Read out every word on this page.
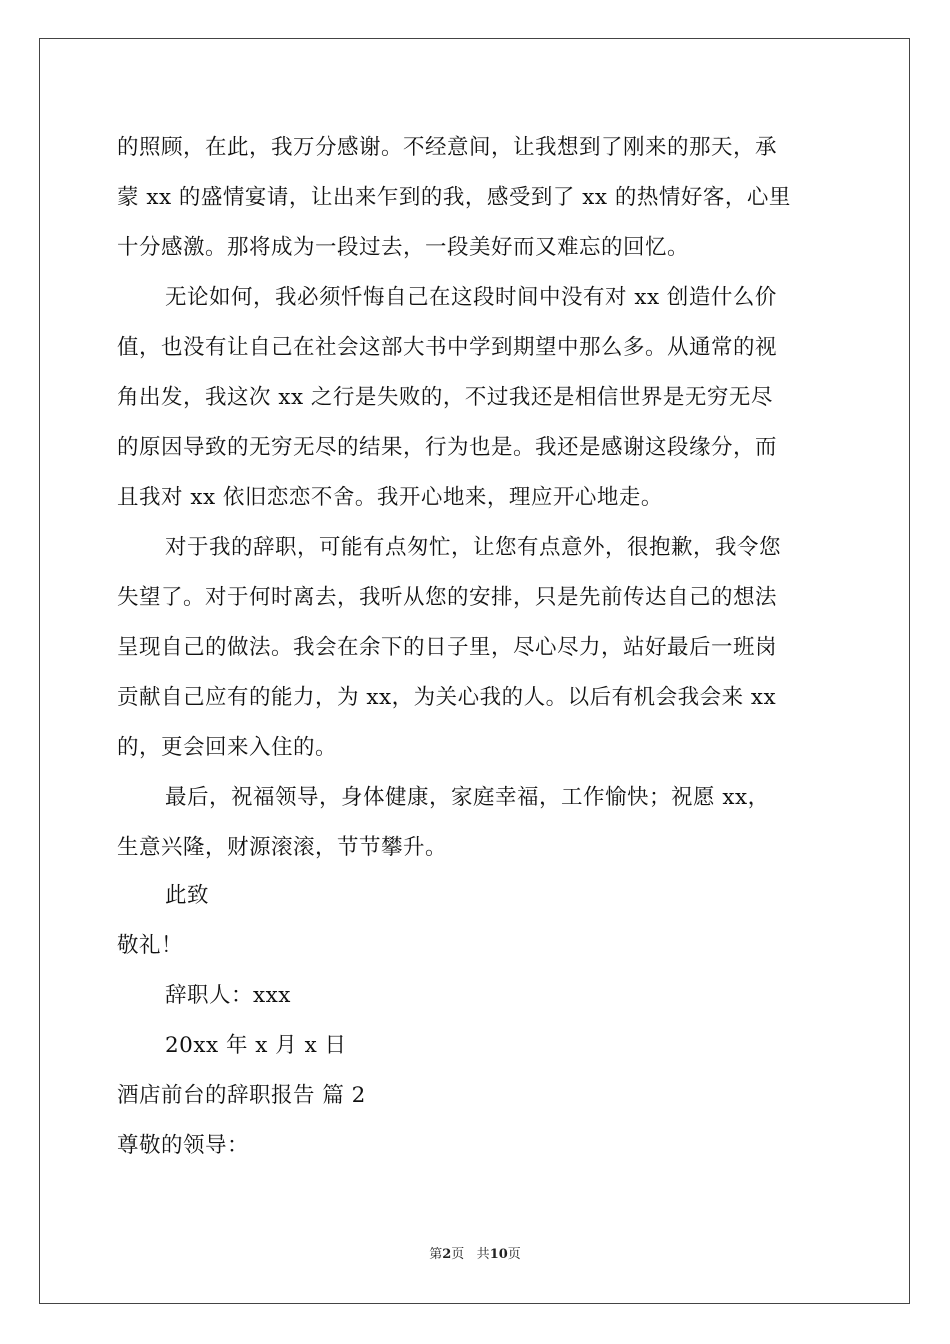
的照顾，在此，我万分感谢。不经意间，让我想到了刚来的那天，承

蒙 xx 的盛情宴请，让出来乍到的我，感受到了 xx 的热情好客，心里

十分感激。那将成为一段过去，一段美好而又难忘的回忆。

无论如何，我必须忏悔自己在这段时间中没有对 xx 创造什么价

值，也没有让自己在社会这部大书中学到期望中那么多。从通常的视

角出发，我这次 xx 之行是失败的，不过我还是相信世界是无穷无尽

的原因导致的无穷无尽的结果，行为也是。我还是感谢这段缘分，而

且我对 xx 依旧恋恋不舍。我开心地来，理应开心地走。

对于我的辞职，可能有点匆忙，让您有点意外，很抱歉，我令您

失望了。对于何时离去，我听从您的安排，只是先前传达自己的想法

呈现自己的做法。我会在余下的日子里，尽心尽力，站好最后一班岗

贡献自己应有的能力，为 xx，为关心我的人。以后有机会我会来 xx

的，更会回来入住的。

最后，祝福领导，身体健康，家庭幸福，工作愉快；祝愿 xx，

生意兴隆，财源滚滚，节节攀升。

此致

敬礼！

辞职人：xxx

20xx 年 x 月 x 日

酒店前台的辞职报告 篇 2

尊敬的领导：

第2页 共10页
